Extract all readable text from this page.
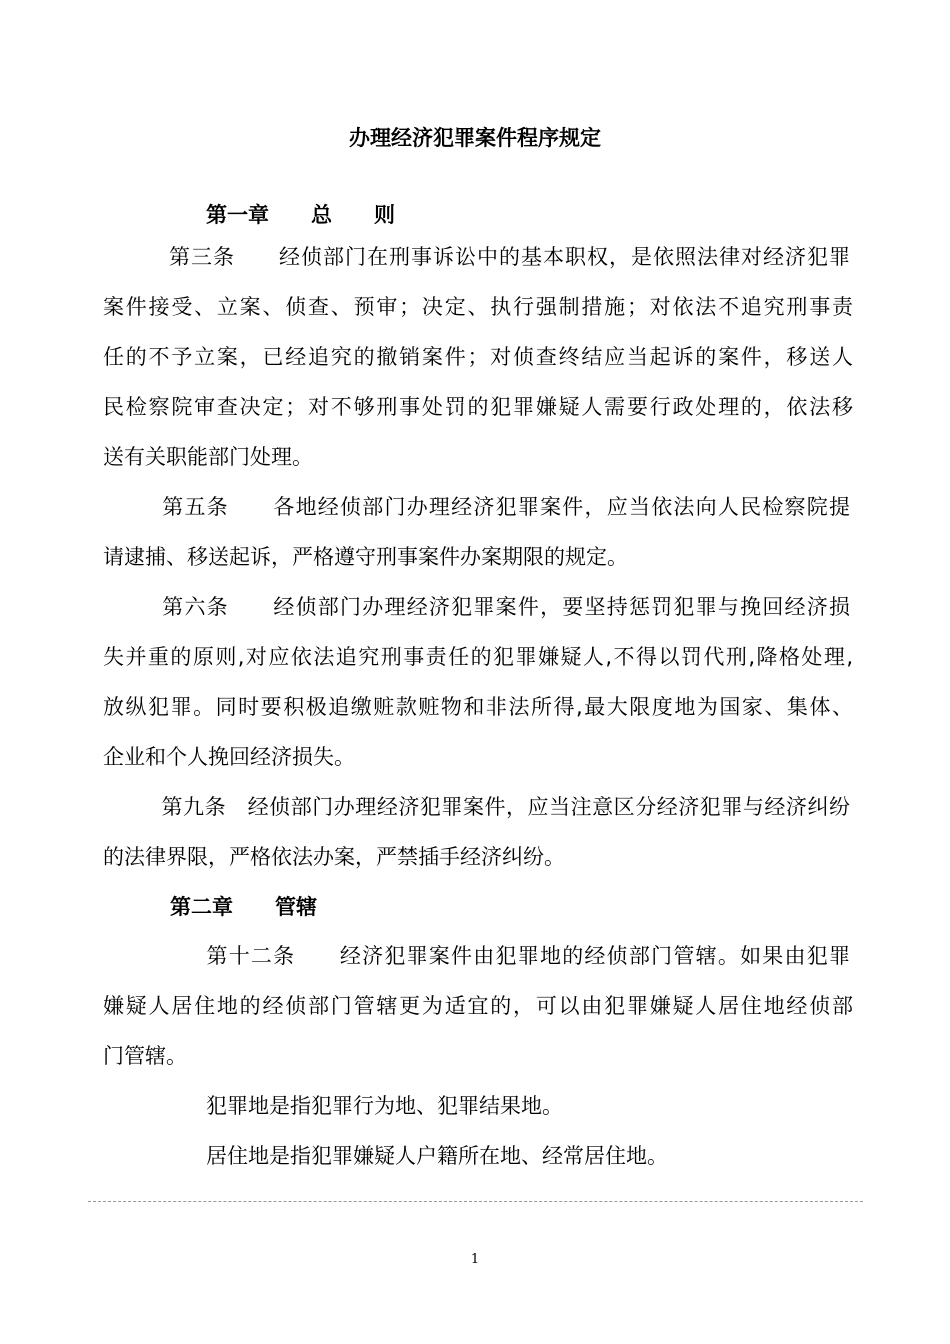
办理经济犯罪案件程序规定
第一章　　总　　则
　第三条　　经侦部门在刑事诉讼中的基本职权，是依照法律对经济犯罪
案件接受、立案、侦查、预审；决定、执行强制措施；对依法不追究刑事责
任的不予立案，已经追究的撤销案件；对侦查终结应当起诉的案件，移送人
民检察院审查决定；对不够刑事处罚的犯罪嫌疑人需要行政处理的，依法移
送有关职能部门处理。
　第五条　　各地经侦部门办理经济犯罪案件，应当依法向人民检察院提
请逮捕、移送起诉，严格遵守刑事案件办案期限的规定。
　第六条　　经侦部门办理经济犯罪案件，要坚持惩罚犯罪与挽回经济损
失并重的原则,对应依法追究刑事责任的犯罪嫌疑人,不得以罚代刑,降格处理,
放纵犯罪。同时要积极追缴赃款赃物和非法所得,最大限度地为国家、集体、
企业和个人挽回经济损失。
　第九条　经侦部门办理经济犯罪案件，应当注意区分经济犯罪与经济纠纷
的法律界限，严格依法办案，严禁插手经济纠纷。
第二章　　管辖
　　第十二条　　经济犯罪案件由犯罪地的经侦部门管辖。如果由犯罪
嫌疑人居住地的经侦部门管辖更为适宜的，可以由犯罪嫌疑人居住地经侦部
门管辖。
犯罪地是指犯罪行为地、犯罪结果地。
居住地是指犯罪嫌疑人户籍所在地、经常居住地。
1
